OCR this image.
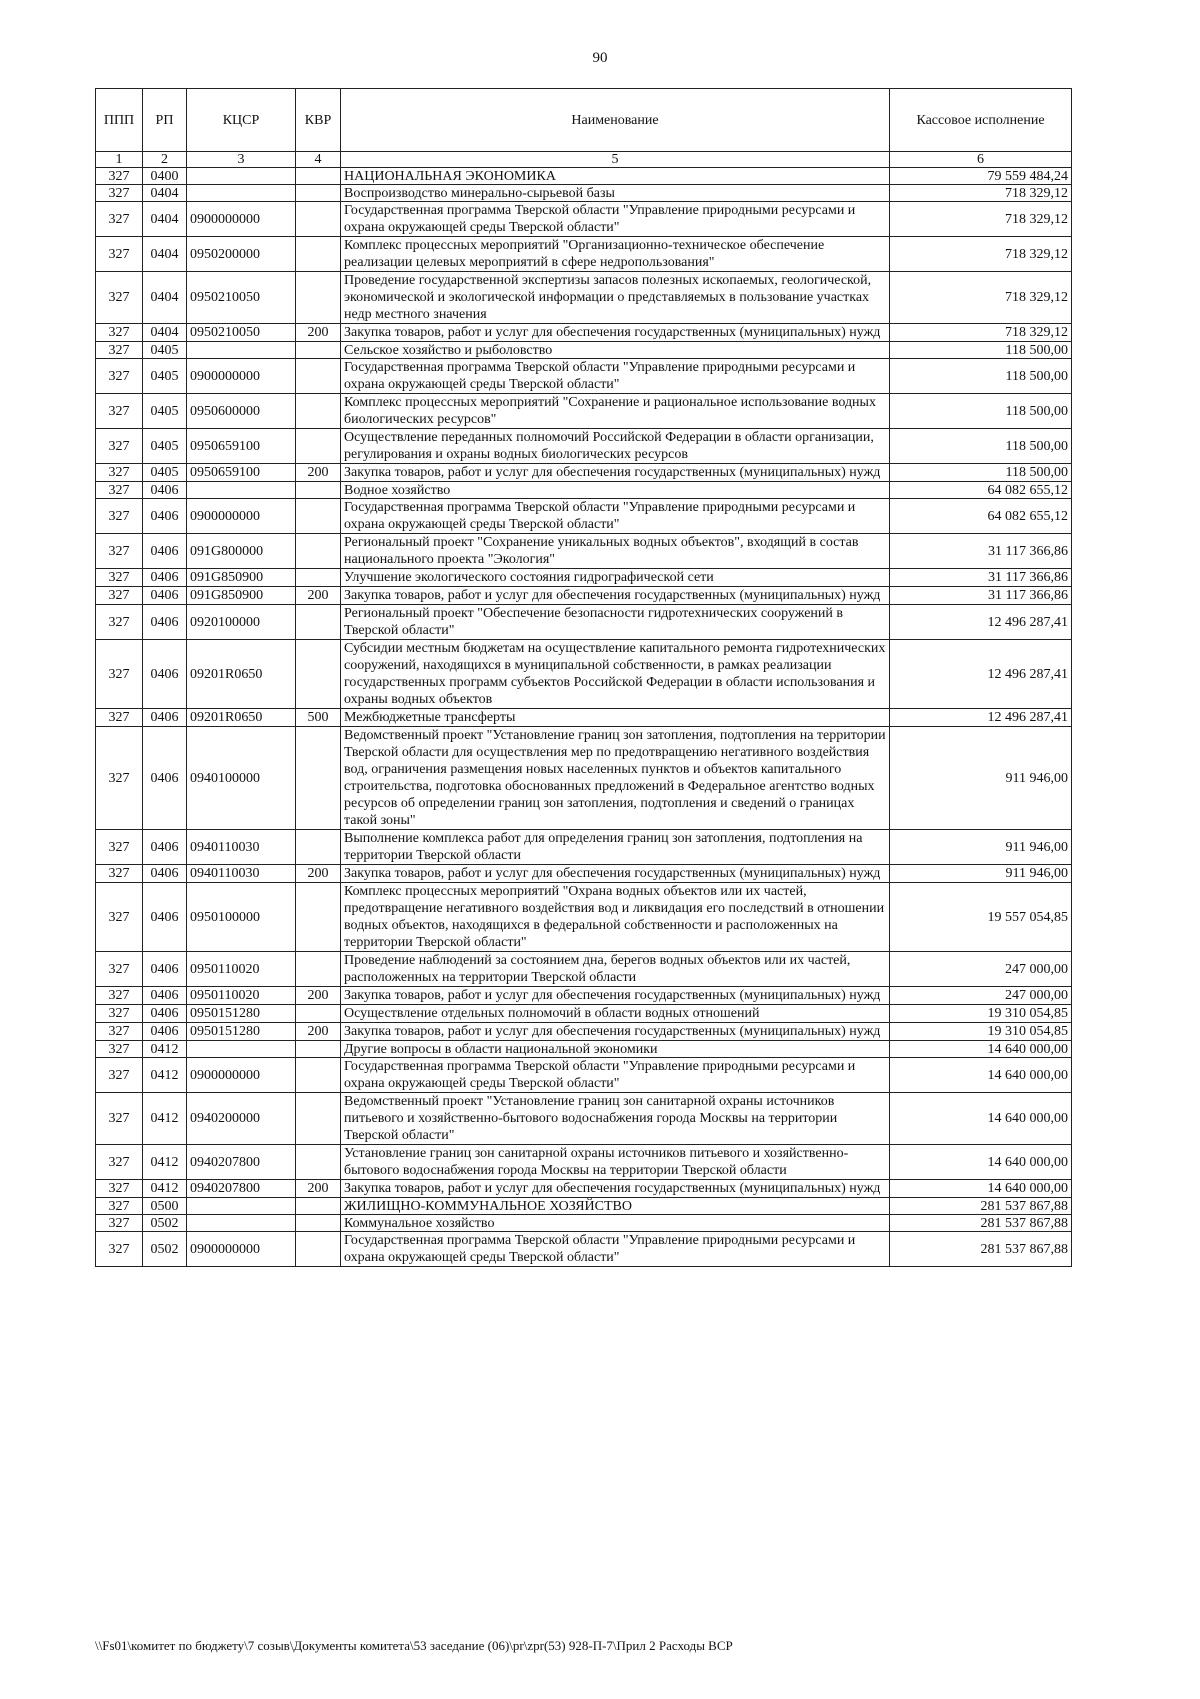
90
ППП	РП	КЦСР	КВР	Наименование	Кассовое исполнение
1	2	3	4	5	6
327	0400			НАЦИОНАЛЬНАЯ ЭКОНОМИКА	79 559 484,24
327	0404			Воспроизводство минерально-сырьевой базы	718 329,12
327	0404	0900000000		Государственная программа Тверской области "Управление природными ресурсами и охрана окружающей среды Тверской области"	718 329,12
327	0404	0950200000		Комплекс процессных мероприятий "Организационно-техническое обеспечение реализации целевых мероприятий в сфере недропользования"	718 329,12
327	0404	0950210050		Проведение государственной экспертизы запасов полезных ископаемых, геологической, экономической и экологической информации о представляемых в пользование участках недр местного значения	718 329,12
327	0404	0950210050	200	Закупка товаров, работ и услуг для обеспечения государственных (муниципальных) нужд	718 329,12
327	0405			Сельское хозяйство и рыболовство	118 500,00
327	0405	0900000000		Государственная программа Тверской области "Управление природными ресурсами и охрана окружающей среды Тверской области"	118 500,00
327	0405	0950600000		Комплекс процессных мероприятий "Сохранение и рациональное использование водных биологических ресурсов"	118 500,00
327	0405	0950659100		Осуществление переданных полномочий Российской Федерации в области организации, регулирования и охраны водных биологических ресурсов	118 500,00
327	0405	0950659100	200	Закупка товаров, работ и услуг для обеспечения государственных (муниципальных) нужд	118 500,00
327	0406			Водное хозяйство	64 082 655,12
327	0406	0900000000		Государственная программа Тверской области "Управление природными ресурсами и охрана окружающей среды Тверской области"	64 082 655,12
327	0406	091G800000		Региональный проект "Сохранение уникальных водных объектов", входящий в состав национального проекта "Экология"	31 117 366,86
327	0406	091G850900		Улучшение экологического состояния гидрографической сети	31 117 366,86
327	0406	091G850900	200	Закупка товаров, работ и услуг для обеспечения государственных (муниципальных) нужд	31 117 366,86
327	0406	0920100000		Региональный проект "Обеспечение безопасности гидротехнических сооружений в Тверской области"	12 496 287,41
327	0406	09201R0650		Субсидии местным бюджетам на осуществление капитального ремонта гидротехнических сооружений, находящихся в муниципальной собственности, в рамках реализации государственных программ субъектов Российской Федерации в области использования и охраны водных объектов	12 496 287,41
327	0406	09201R0650	500	Межбюджетные трансферты	12 496 287,41
327	0406	0940100000		Ведомственный проект "Установление границ зон затопления, подтопления на территории Тверской области для осуществления мер по предотвращению негативного воздействия вод, ограничения размещения новых населенных пунктов и объектов капитального строительства, подготовка обоснованных предложений в Федеральное агентство водных ресурсов об определении границ зон затопления, подтопления и сведений о границах такой зоны"	911 946,00
327	0406	0940110030		Выполнение комплекса работ для определения границ зон затопления, подтопления на территории Тверской области	911 946,00
327	0406	0940110030	200	Закупка товаров, работ и услуг для обеспечения государственных (муниципальных) нужд	911 946,00
327	0406	0950100000		Комплекс процессных мероприятий "Охрана водных объектов или их частей, предотвращение негативного воздействия вод и ликвидация его последствий в отношении водных объектов, находящихся в федеральной собственности и расположенных на территории Тверской области"	19 557 054,85
327	0406	0950110020		Проведение наблюдений за состоянием дна, берегов водных объектов или их частей, расположенных на территории Тверской области	247 000,00
327	0406	0950110020	200	Закупка товаров, работ и услуг для обеспечения государственных (муниципальных) нужд	247 000,00
327	0406	0950151280		Осуществление отдельных полномочий в области водных отношений	19 310 054,85
327	0406	0950151280	200	Закупка товаров, работ и услуг для обеспечения государственных (муниципальных) нужд	19 310 054,85
327	0412			Другие вопросы в области национальной экономики	14 640 000,00
327	0412	0900000000		Государственная программа Тверской области "Управление природными ресурсами и охрана окружающей среды Тверской области"	14 640 000,00
327	0412	0940200000		Ведомственный проект "Установление границ зон санитарной охраны источников питьевого и хозяйственно-бытового водоснабжения города Москвы на территории Тверской области"	14 640 000,00
327	0412	0940207800		Установление границ зон санитарной охраны источников питьевого и хозяйственно-бытового водоснабжения города Москвы на территории Тверской области	14 640 000,00
327	0412	0940207800	200	Закупка товаров, работ и услуг для обеспечения государственных (муниципальных) нужд	14 640 000,00
327	0500			ЖИЛИЩНО-КОММУНАЛЬНОЕ ХОЗЯЙСТВО	281 537 867,88
327	0502			Коммунальное хозяйство	281 537 867,88
327	0502	0900000000		Государственная программа Тверской области "Управление природными ресурсами и охрана окружающей среды Тверской области"	281 537 867,88
\\Fs01\комитет по бюджету\7 созыв\Документы комитета\53 заседание (06)\pr\zpr(53) 928-П-7\Прил 2 Расходы ВСР
